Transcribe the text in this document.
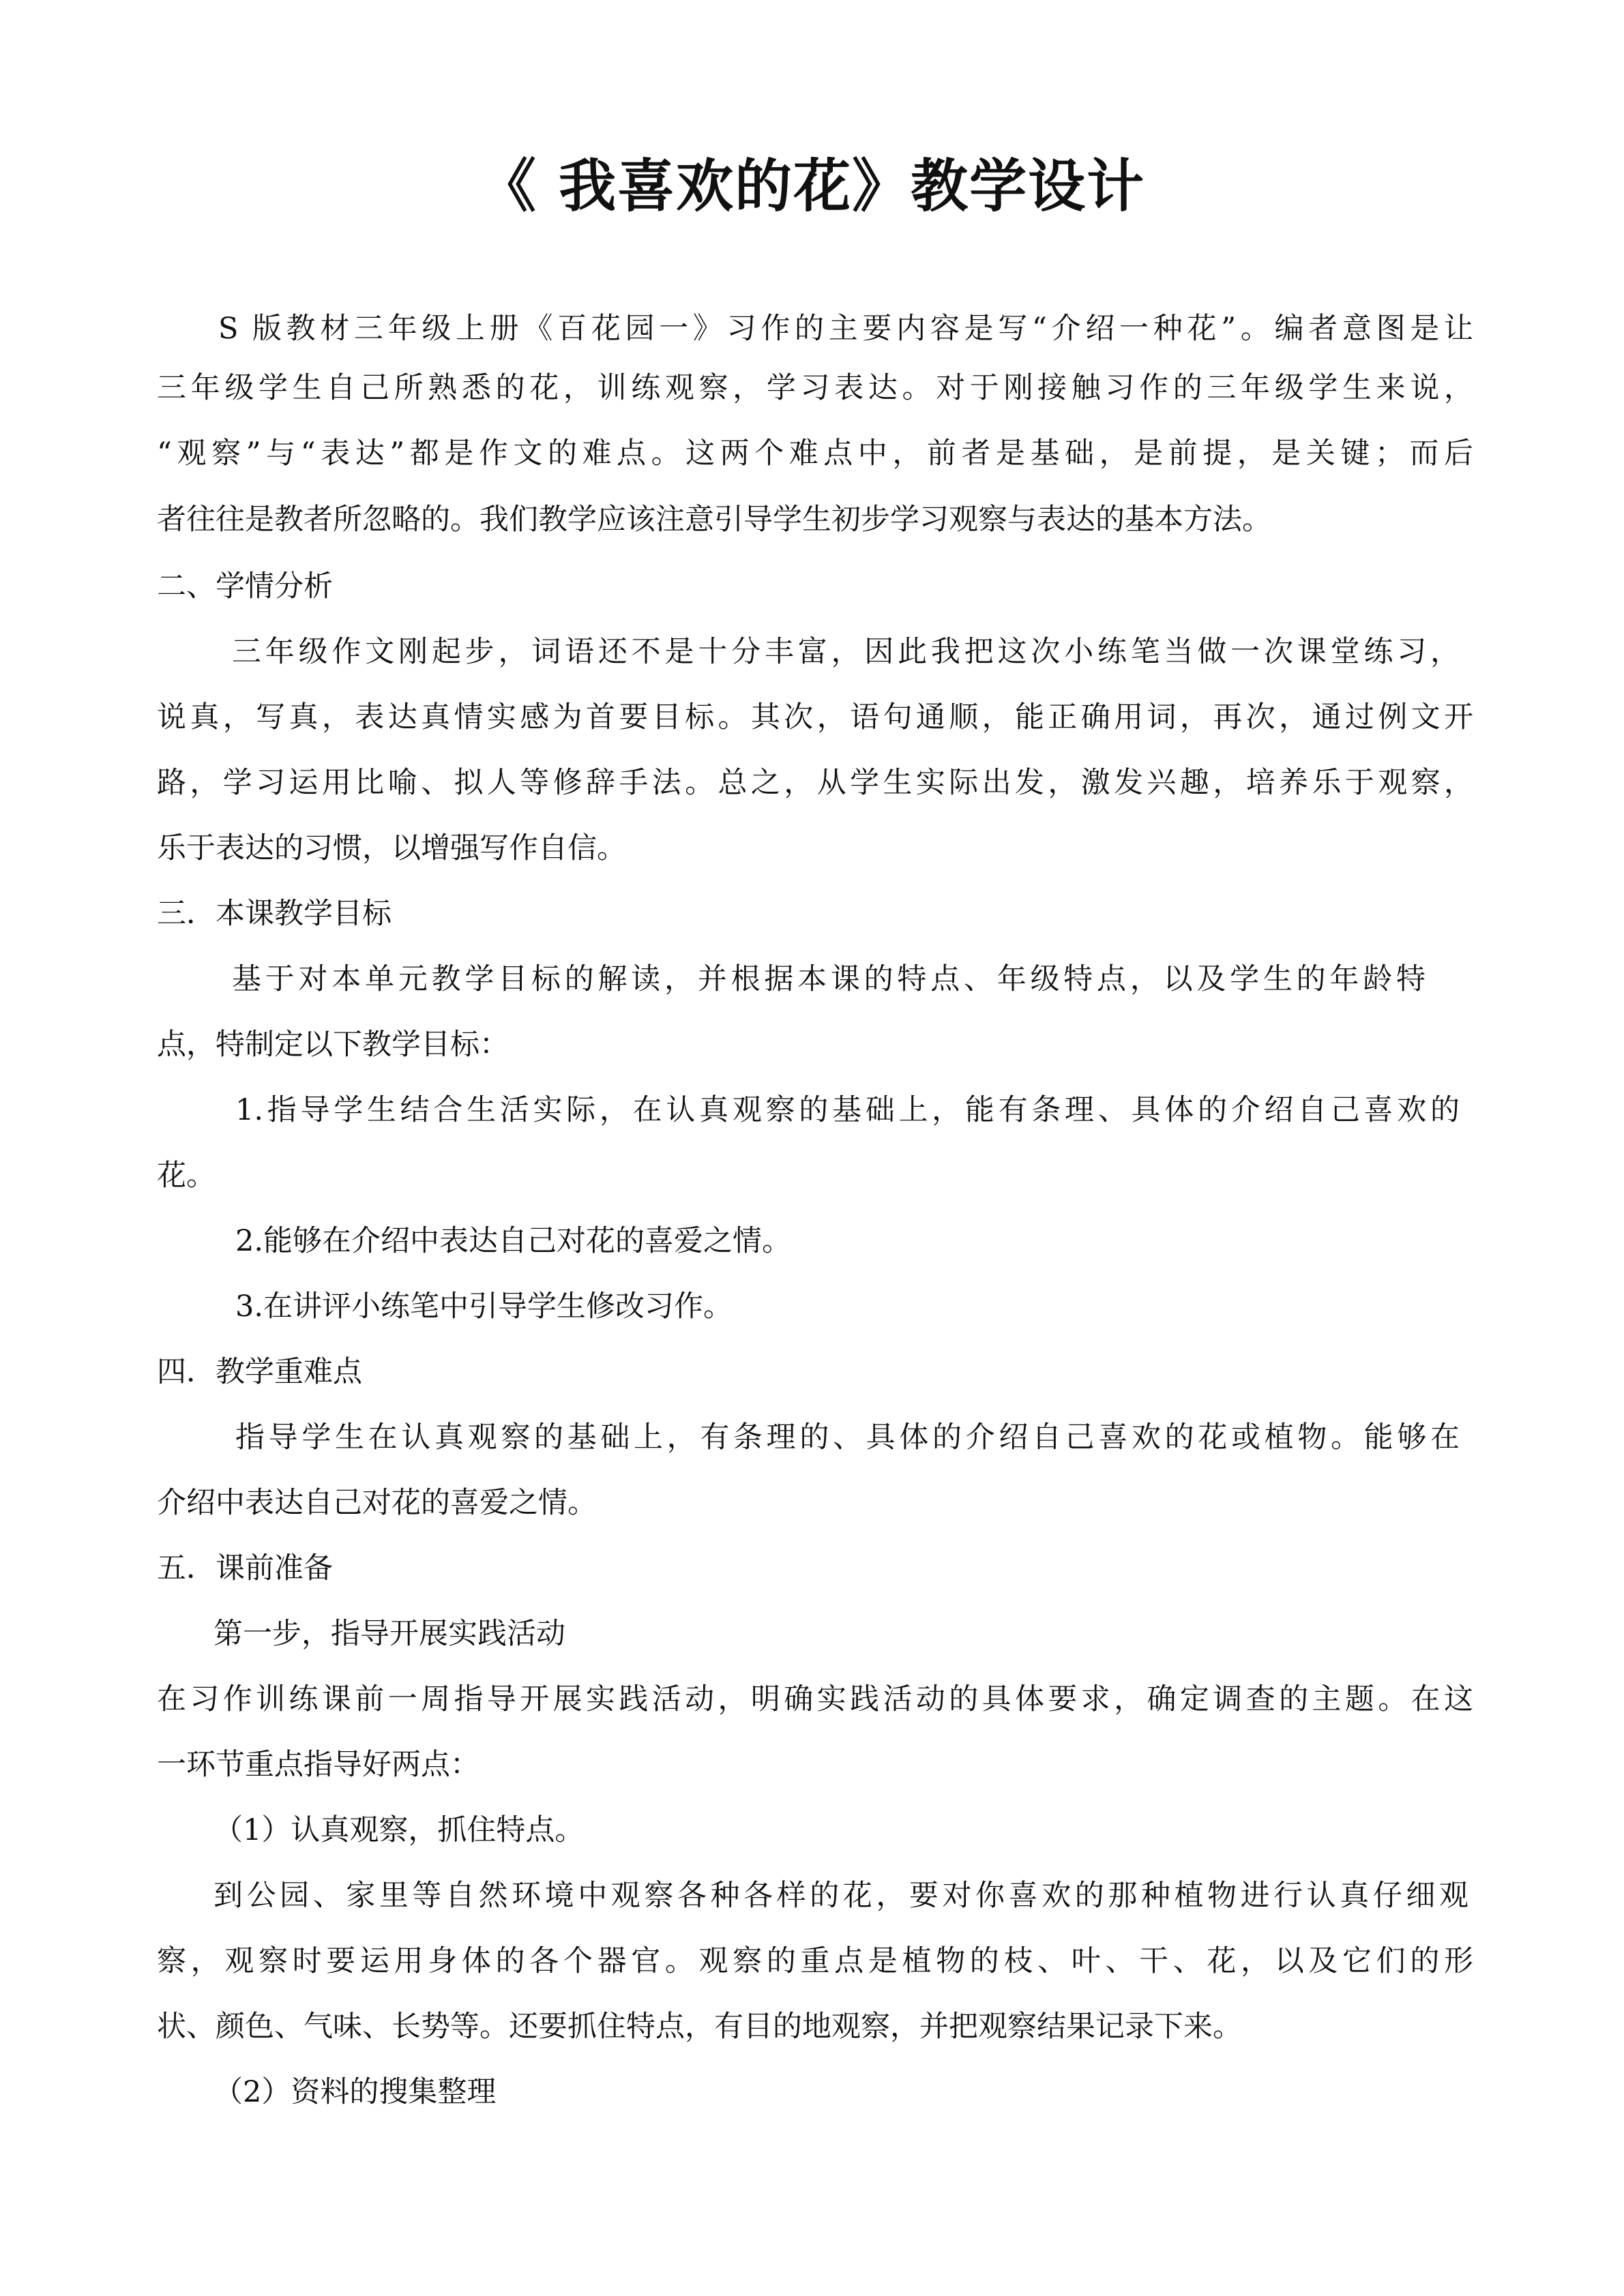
《 我喜欢的花》教学设计
S 版教材三年级上册《百花园一》习作的主要内容是写“介绍一种花”。编者意图是让
三年级学生自己所熟悉的花，训练观察，学习表达。对于刚接触习作的三年级学生来说，
“观察”与“表达”都是作文的难点。这两个难点中，前者是基础，是前提，是关键；而后
者往往是教者所忽略的。我们教学应该注意引导学生初步学习观察与表达的基本方法。
二、学情分析
三年级作文刚起步，词语还不是十分丰富，因此我把这次小练笔当做一次课堂练习，
说真，写真，表达真情实感为首要目标。其次，语句通顺，能正确用词，再次，通过例文开
路，学习运用比喻、拟人等修辞手法。总之，从学生实际出发，激发兴趣，培养乐于观察，
乐于表达的习惯，以增强写作自信。
三．本课教学目标
基于对本单元教学目标的解读，并根据本课的特点、年级特点，以及学生的年龄特
点，特制定以下教学目标：
1.指导学生结合生活实际，在认真观察的基础上，能有条理、具体的介绍自己喜欢的
花。
2.能够在介绍中表达自己对花的喜爱之情。
3.在讲评小练笔中引导学生修改习作。
四．教学重难点
指导学生在认真观察的基础上，有条理的、具体的介绍自己喜欢的花或植物。能够在
介绍中表达自己对花的喜爱之情。
五．课前准备
第一步，指导开展实践活动
在习作训练课前一周指导开展实践活动，明确实践活动的具体要求，确定调查的主题。在这
一环节重点指导好两点：
（1）认真观察，抓住特点。
到公园、家里等自然环境中观察各种各样的花，要对你喜欢的那种植物进行认真仔细观
察，观察时要运用身体的各个器官。观察的重点是植物的枝、叶、干、花，以及它们的形
状、颜色、气味、长势等。还要抓住特点，有目的地观察，并把观察结果记录下来。
（2）资料的搜集整理
